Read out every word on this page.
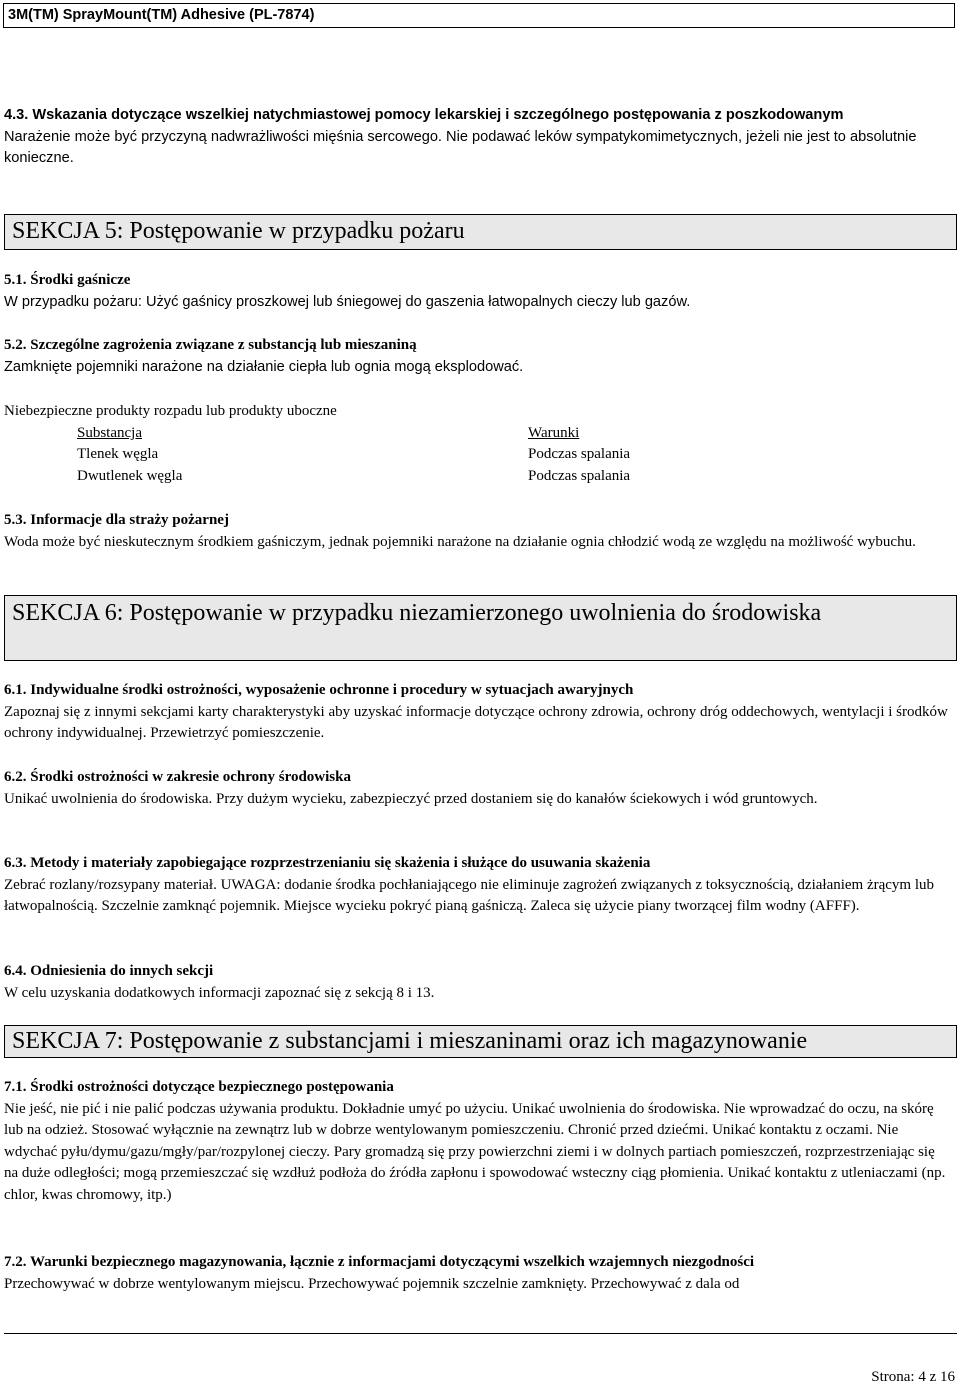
3M(TM) SprayMount(TM) Adhesive (PL-7874)
4.3. Wskazania dotyczące wszelkiej natychmiastowej pomocy lekarskiej i szczególnego postępowania z poszkodowanym
Narażenie może być przyczyną nadwrażliwości mięśnia sercowego. Nie podawać leków sympatykomimetycznych, jeżeli nie jest to absolutnie konieczne.
SEKCJA 5: Postępowanie w przypadku pożaru
5.1. Środki gaśnicze
W przypadku pożaru: Użyć gaśnicy proszkowej lub śniegowej do gaszenia łatwopalnych cieczy lub gazów.
5.2. Szczególne zagrożenia związane z substancją lub mieszaniną
Zamknięte pojemniki narażone na działanie ciepła lub ognia mogą eksplodować.
Niebezpieczne produkty rozpadu lub produkty uboczne
Substancja	Warunki
Tlenek węgla	Podczas spalania
Dwutlenek węgla	Podczas spalania
5.3. Informacje dla straży pożarnej
Woda może być nieskutecznym środkiem gaśniczym, jednak pojemniki narażone na działanie ognia chłodzić wodą ze względu na możliwość wybuchu.
SEKCJA 6: Postępowanie w przypadku niezamierzonego uwolnienia do środowiska
6.1. Indywidualne środki ostrożności, wyposażenie ochronne i procedury w sytuacjach awaryjnych
Zapoznaj się z innymi sekcjami karty charakterystyki aby uzyskać informacje dotyczące ochrony zdrowia, ochrony dróg oddechowych, wentylacji i środków ochrony indywidualnej. Przewietrzyć pomieszczenie.
6.2. Środki ostrożności w zakresie ochrony środowiska
Unikać uwolnienia do środowiska. Przy dużym wycieku, zabezpieczyć przed dostaniem się do kanałów ściekowych i wód gruntowych.
6.3. Metody i materiały zapobiegające rozprzestrzenianiu się skażenia i służące do usuwania skażenia
Zebrać rozlany/rozsypany materiał. UWAGA: dodanie środka pochłaniającego nie eliminuje zagrożeń związanych z toksycznością, działaniem żrącym lub łatwopalnością. Szczelnie zamknąć pojemnik. Miejsce wycieku pokryć pianą gaśniczą. Zaleca się użycie piany tworzącej film wodny (AFFF).
6.4. Odniesienia do innych sekcji
W celu uzyskania dodatkowych informacji zapoznać się z sekcją 8 i 13.
SEKCJA 7: Postępowanie z substancjami i mieszaninami oraz ich magazynowanie
7.1. Środki ostrożności dotyczące bezpiecznego postępowania
Nie jeść, nie pić i nie palić podczas używania produktu. Dokładnie umyć po użyciu. Unikać uwolnienia do środowiska. Nie wprowadzać do oczu, na skórę lub na odzież. Stosować wyłącznie na zewnątrz lub w dobrze wentylowanym pomieszczeniu. Chronić przed dziećmi. Unikać kontaktu z oczami. Nie wdychać pyłu/dymu/gazu/mgły/par/rozpylonej cieczy. Pary gromadzą się przy powierzchni ziemi i w dolnych partiach pomieszczeń, rozprzestrzeniając się na duże odległości; mogą przemieszczać się wzdłuż podłoża do źródła zapłonu i spowodować wsteczny ciąg płomienia. Unikać kontaktu z utleniaczami (np. chlor, kwas chromowy, itp.)
7.2. Warunki bezpiecznego magazynowania, łącznie z informacjami dotyczącymi wszelkich wzajemnych niezgodności
Przechowywać w dobrze wentylowanym miejscu. Przechowywać pojemnik szczelnie zamknięty. Przechowywać z dala od
Strona: 4 z 16
